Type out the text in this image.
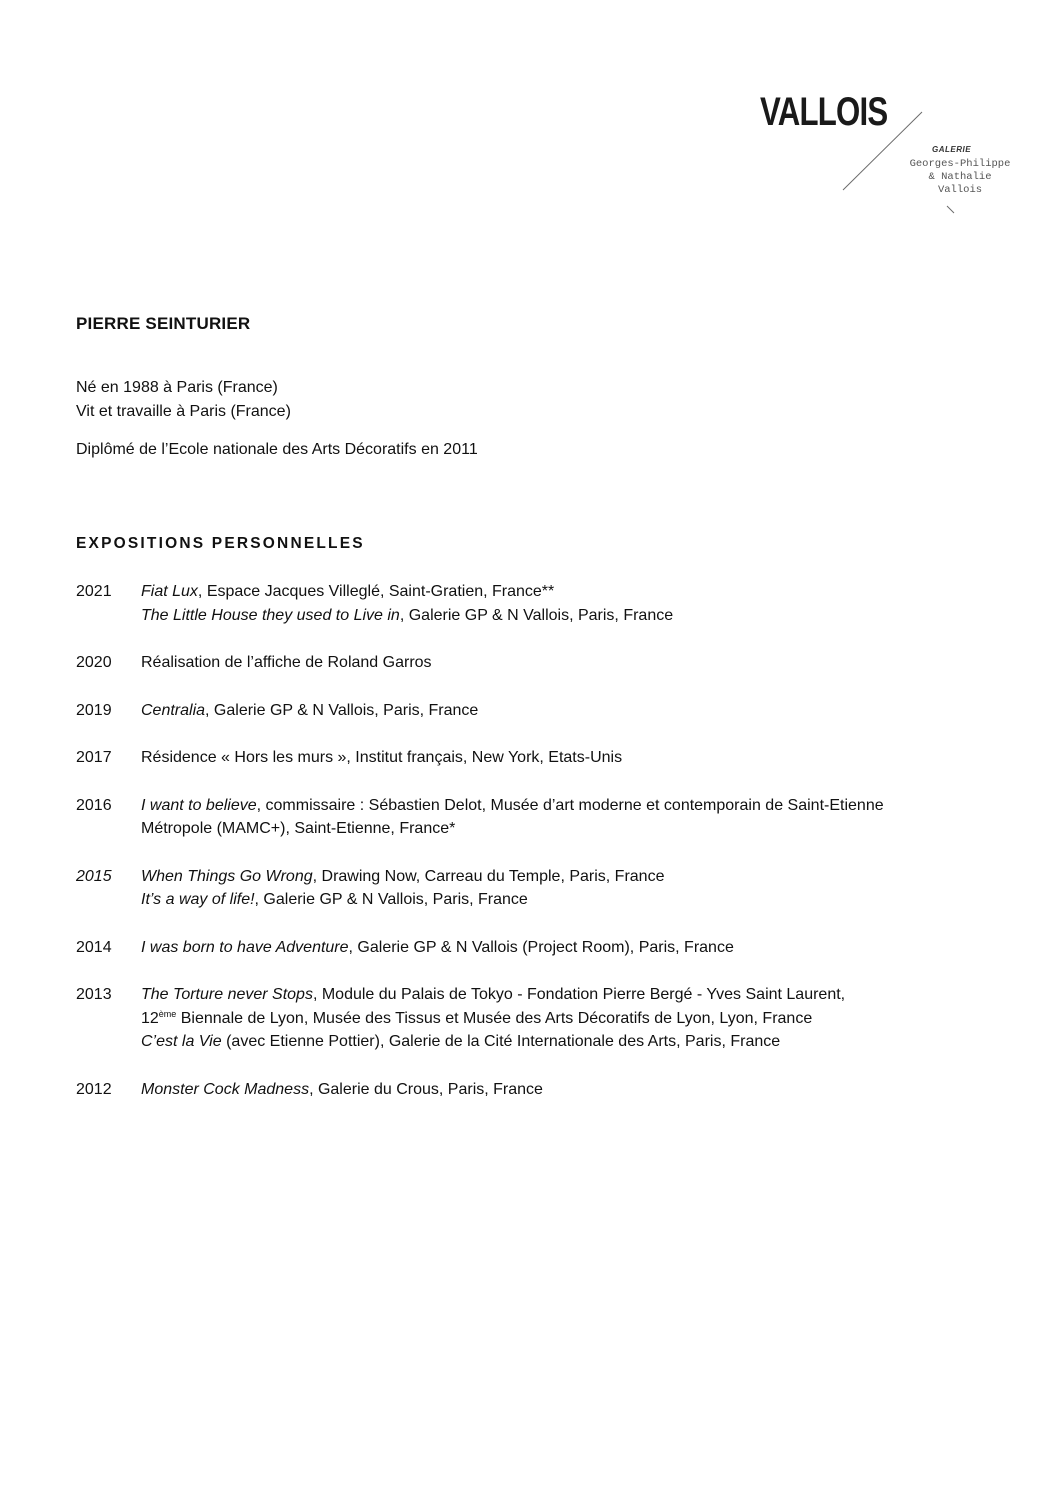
VALLOIS
GALERIE
Georges-Philippe
& Nathalie
Vallois
PIERRE SEINTURIER
Né en 1988 à Paris (France)
Vit et travaille à Paris (France)
Diplômé de l’Ecole nationale des Arts Décoratifs en 2011
EXPOSITIONS PERSONNELLES
2021	Fiat Lux, Espace Jacques Villeglé, Saint-Gratien, France**
The Little House they used to Live in, Galerie GP & N Vallois, Paris, France
2020	Réalisation de l’affiche de Roland Garros
2019	Centralia, Galerie GP & N Vallois, Paris, France
2017	Résidence « Hors les murs », Institut français, New York, Etats-Unis
2016	I want to believe, commissaire : Sébastien Delot, Musée d’art moderne et contemporain de Saint-Etienne
Métropole (MAMC+), Saint-Etienne, France*
2015	When Things Go Wrong, Drawing Now, Carreau du Temple, Paris, France
It’s a way of life!, Galerie GP & N Vallois, Paris, France
2014	I was born to have Adventure, Galerie GP & N Vallois (Project Room), Paris, France
2013	The Torture never Stops, Module du Palais de Tokyo - Fondation Pierre Bergé - Yves Saint Laurent,
12ème Biennale de Lyon, Musée des Tissus et Musée des Arts Décoratifs de Lyon, Lyon, France
C’est la Vie (avec Etienne Pottier), Galerie de la Cité Internationale des Arts, Paris, France
2012	Monster Cock Madness, Galerie du Crous, Paris, France
